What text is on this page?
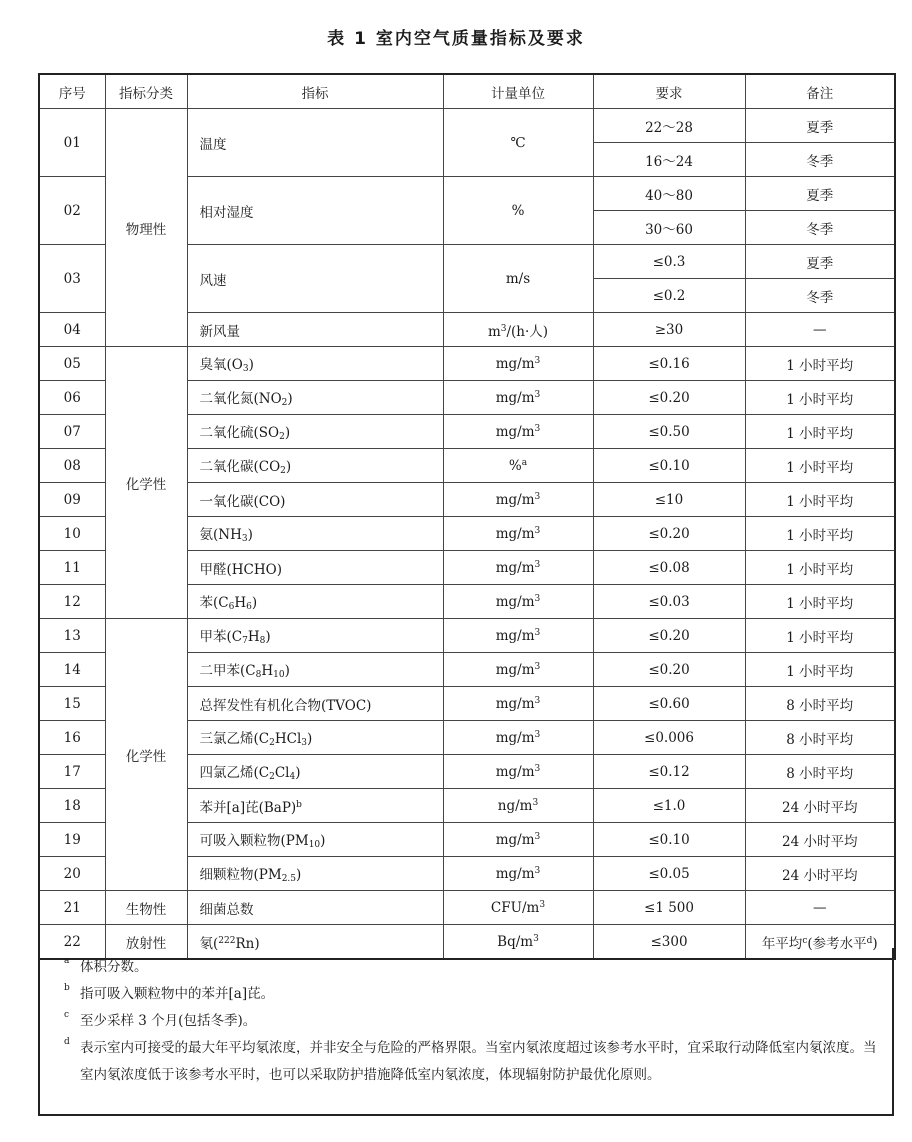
表 1 室内空气质量指标及要求
序号	指标分类	指标	计量单位	要求	备注
01	物理性	温度	℃	22～28	夏季
				16～24	冬季
02		相对湿度	%	40～80	夏季
				30～60	冬季
03		风速	m/s	≤0.3	夏季
				≤0.2	冬季
04		新风量	$m^3/(h\cdot$人)	≥30	—
05	化学性	臭氧$(O_3)$	$mg/m^3$	≤0.16	1 小时平均
06		二氧化氮$(NO_2)$	$mg/m^3$	≤0.20	1 小时平均
07		二氧化硫$(SO_2)$	$mg/m^3$	≤0.50	1 小时平均
08		二氧化碳$(CO_2)$	%$^a$	≤0.10	1 小时平均
09		一氧化碳(CO)	$mg/m^3$	≤10	1 小时平均
10		氨$(NH_3)$	$mg/m^3$	≤0.20	1 小时平均
11		甲醛(HCHO)	$mg/m^3$	≤0.08	1 小时平均
12		苯$(C_6H_6)$	$mg/m^3$	≤0.03	1 小时平均
13	化学性	甲苯$(C_7H_8)$	$mg/m^3$	≤0.20	1 小时平均
14		二甲苯$(C_8H_{10})$	$mg/m^3$	≤0.20	1 小时平均
15		总挥发性有机化合物(TVOC)	$mg/m^3$	≤0.60	8 小时平均
16		三氯乙烯$(C_2HCl_3)$	$mg/m^3$	≤0.006	8 小时平均
17		四氯乙烯$(C_2Cl_4)$	$mg/m^3$	≤0.12	8 小时平均
18		苯并[a]芘(BaP)$^b$	$ng/m^3$	≤1.0	24 小时平均
19		可吸入颗粒物$(PM_{10})$	$mg/m^3$	≤0.10	24 小时平均
20		细颗粒物$(PM_{2.5})$	$mg/m^3$	≤0.05	24 小时平均
21	生物性	细菌总数	CFU/$m^3$	≤1 500	—
22	放射性	氡($^{222}$Rn)	$Bq/m^3$	≤300	年平均$^c$(参考水平$^d$)
a 体积分数。
b 指可吸入颗粒物中的苯并[a]芘。
c 至少采样 3 个月(包括冬季)。
d 表示室内可接受的最大年平均氡浓度，并非安全与危险的严格界限。当室内氡浓度超过该参考水平时，宜采取行动降低室内氡浓度。当室内氡浓度低于该参考水平时，也可以采取防护措施降低室内氡浓度，体现辐射防护最优化原则。
